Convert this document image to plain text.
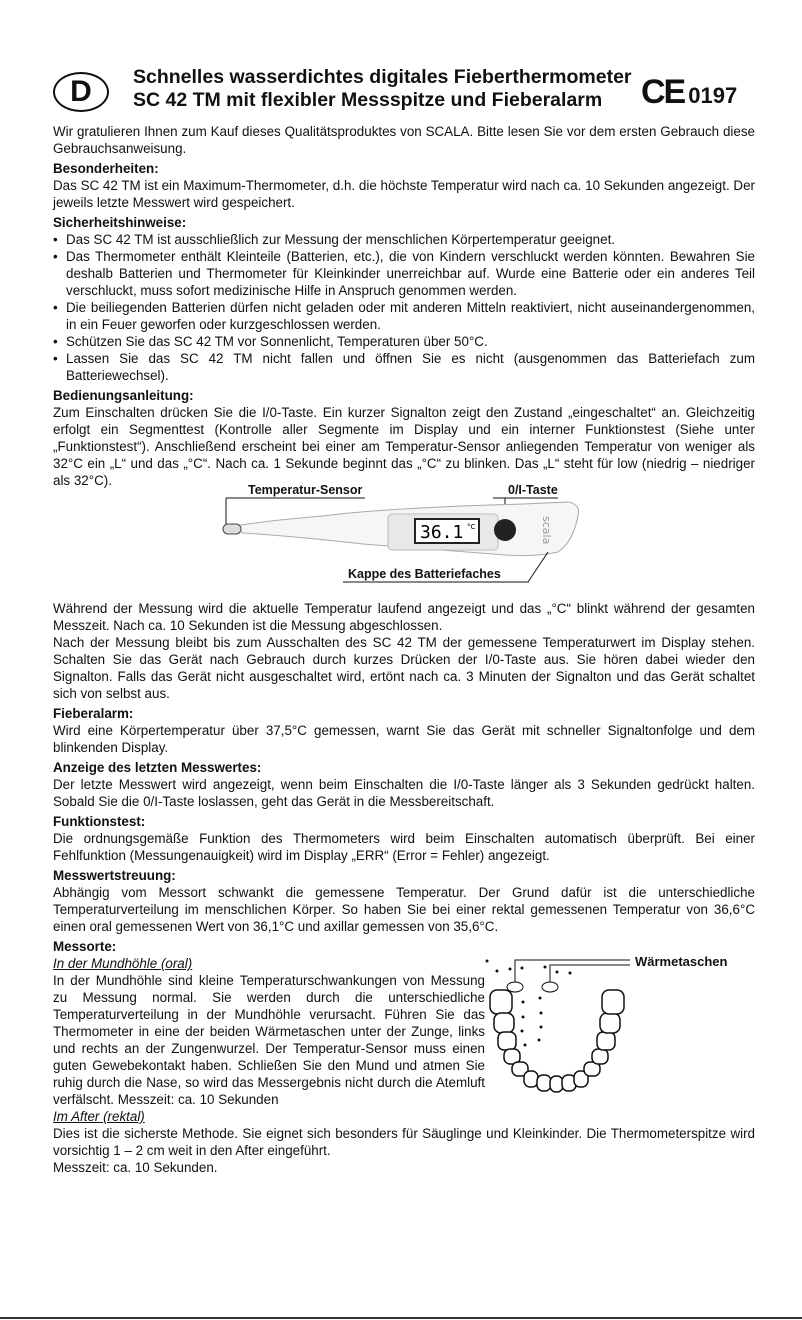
D	Schnelles wasserdichtes digitales Fieberthermometer
SC 42 TM mit flexibler Messspitze und Fieberalarm	CE 0197

Wir gratulieren Ihnen zum Kauf dieses Qualitätsproduktes von SCALA. Bitte lesen Sie vor dem ersten Gebrauch diese Gebrauchsanweisung.

Besonderheiten:

Das SC 42 TM ist ein Maximum-Thermometer, d.h. die höchste Temperatur wird nach ca. 10 Sekunden angezeigt. Der jeweils letzte Messwert wird gespeichert.

Sicherheitshinweise:
• Das SC 42 TM ist ausschließlich zur Messung der menschlichen Körpertemperatur geeignet.
• Das Thermometer enthält Kleinteile (Batterien, etc.), die von Kindern verschluckt werden könnten. Bewahren Sie deshalb Batterien und Thermometer für Kleinkinder unerreichbar auf. Wurde eine Batterie oder ein anderes Teil verschluckt, muss sofort medizinische Hilfe in Anspruch genommen werden.
• Die beiliegenden Batterien dürfen nicht geladen oder mit anderen Mitteln reaktiviert, nicht auseinandergenommen, in ein Feuer geworfen oder kurzgeschlossen werden.
• Schützen Sie das SC 42 TM vor Sonnenlicht, Temperaturen über 50°C.
• Lassen Sie das SC 42 TM nicht fallen und öffnen Sie es nicht (ausgenommen das Batteriefach zum Batteriewechsel).
Bedienungsanleitung:

Zum Einschalten drücken Sie die I/0-Taste. Ein kurzer Signalton zeigt den Zustand „eingeschaltet“ an. Gleichzeitig erfolgt ein Segmenttest (Kontrolle aller Segmente im Display und ein interner Funktionstest (Siehe unter „Funktionstest“). Anschließend erscheint bei einer am Temperatur-Sensor anliegenden Temperatur von weniger als 32°C ein „L“ und das „°C“. Nach ca. 1 Sekunde beginnt das „°C“ zu blinken. Das „L“ steht für low (niedrig – niedriger als 32°C).

36.1 °C	scala
Temperatur-Sensor	0/I-Taste
Kappe des Batteriefaches

Während der Messung wird die aktuelle Temperatur laufend angezeigt und das „°C“ blinkt während der gesamten Messzeit. Nach ca. 10 Sekunden ist die Messung abgeschlossen.

Nach der Messung bleibt bis zum Ausschalten des SC 42 TM der gemessene Temperaturwert im Display stehen. Schalten Sie das Gerät nach Gebrauch durch kurzes Drücken der I/0-Taste aus. Sie hören dabei wieder den Signalton. Falls das Gerät nicht ausgeschaltet wird, ertönt nach ca. 3 Minuten der Signalton und das Gerät schaltet sich von selbst aus.

Fieberalarm:

Wird eine Körpertemperatur über 37,5°C gemessen, warnt Sie das Gerät mit schneller Signaltonfolge und dem blinkenden Display.

Anzeige des letzten Messwertes:

Der letzte Messwert wird angezeigt, wenn beim Einschalten die I/0-Taste länger als 3 Sekunden gedrückt halten. Sobald Sie die 0/I-Taste loslassen, geht das Gerät in die Messbereitschaft.

Funktionstest:

Die ordnungsgemäße Funktion des Thermometers wird beim Einschalten automatisch überprüft. Bei einer Fehlfunktion (Messungenauigkeit) wird im Display „ERR“ (Error = Fehler) angezeigt.

Messwertstreuung:

Abhängig vom Messort schwankt die gemessene Temperatur. Der Grund dafür ist die unterschiedliche Temperaturverteilung im menschlichen Körper. So haben Sie bei einer rektal gemessenen Temperatur von 36,6°C einen oral gemessenen Wert von 36,1°C und axillar gemessen von 35,6°C.

Messorte:
In der Mundhöhle (oral)

In der Mundhöhle sind kleine Temperaturschwankungen von Messung zu Messung normal. Sie werden durch die unterschiedliche Temperaturverteilung in der Mundhöhle verursacht. Führen Sie das Thermometer in eine der beiden Wärmetaschen unter der Zunge, links und rechts an der Zungenwurzel. Der Temperatur-Sensor muss einen guten Gewebekontakt haben. Schließen Sie den Mund und atmen Sie ruhig durch die Nase, so wird das Messergebnis nicht durch die Atemluft verfälscht. Messzeit: ca. 10 Sekunden

Wärmetaschen
Im After (rektal)

Dies ist die sicherste Methode. Sie eignet sich besonders für Säuglinge und Kleinkinder. Die Thermometerspitze wird vorsichtig 1 – 2 cm weit in den After eingeführt.

Messzeit: ca. 10 Sekunden.
